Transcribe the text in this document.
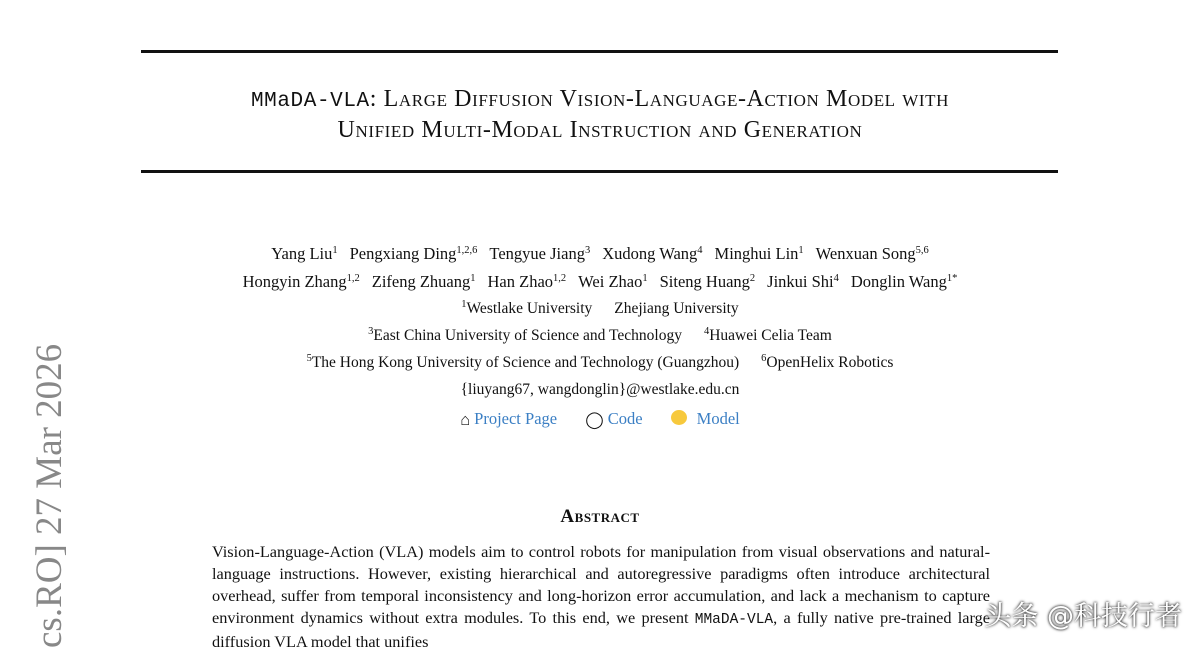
cs.RO] 27 Mar 2026
MMaDA-VLA: Large Diffusion Vision-Language-Action Model with
Unified Multi-Modal Instruction and Generation
Yang Liu$^1$ Pengxiang Ding$^{1,2,6}$ Tengyue Jiang$^3$ Xudong Wang$^4$ Minghui Lin$^1$ Wenxuan Song$^{5,6}$
Hongyin Zhang$^{1,2}$ Zifeng Zhuang$^1$ Han Zhao$^{1,2}$ Wei Zhao$^1$ Siteng Huang$^2$ Jinkui Shi$^4$ Donglin Wang$^{1*}$
$^1$Westlake University Zhejiang University
$^3$East China University of Science and Technology $^4$Huawei Celia Team
$^5$The Hong Kong University of Science and Technology (Guangzhou) $^6$OpenHelix Robotics
{liuyang67, wangdonglin}@westlake.edu.cn
⌂ Project Page ◯ Code	Model
Abstract
Vision-Language-Action (VLA) models aim to control robots for manipulation from visual observations and natural-language instructions. However, existing hierarchical and autoregressive paradigms often introduce architectural overhead, suffer from temporal inconsistency and long-horizon error accumulation, and lack a mechanism to capture environment dynamics without extra modules. To this end, we present MMaDA-VLA, a fully native pre-trained large diffusion VLA model that unifies
头条 @科技行者
